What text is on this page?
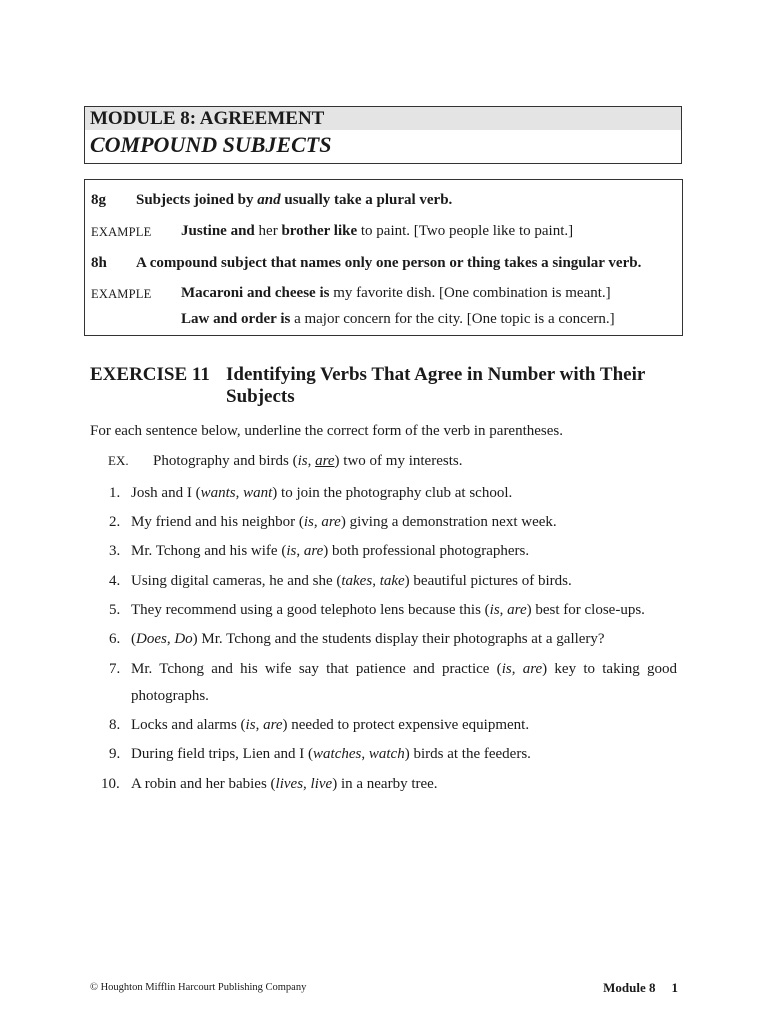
MODULE 8: AGREEMENT
COMPOUND SUBJECTS
8g Subjects joined by and usually take a plural verb.
EXAMPLE Justine and her brother like to paint. [Two people like to paint.]
8h A compound subject that names only one person or thing takes a singular verb.
EXAMPLE Macaroni and cheese is my favorite dish. [One combination is meant.]
Law and order is a major concern for the city. [One topic is a concern.]
EXERCISE 11 Identifying Verbs That Agree in Number with Their Subjects
For each sentence below, underline the correct form of the verb in parentheses.
EX. Photography and birds (is, are) two of my interests.
1. Josh and I (wants, want) to join the photography club at school.
2. My friend and his neighbor (is, are) giving a demonstration next week.
3. Mr. Tchong and his wife (is, are) both professional photographers.
4. Using digital cameras, he and she (takes, take) beautiful pictures of birds.
5. They recommend using a good telephoto lens because this (is, are) best for close-ups.
6. (Does, Do) Mr. Tchong and the students display their photographs at a gallery?
7. Mr. Tchong and his wife say that patience and practice (is, are) key to taking good photographs.
8. Locks and alarms (is, are) needed to protect expensive equipment.
9. During field trips, Lien and I (watches, watch) birds at the feeders.
10. A robin and her babies (lives, live) in a nearby tree.
© Houghton Mifflin Harcourt Publishing Company	Module 8 1
